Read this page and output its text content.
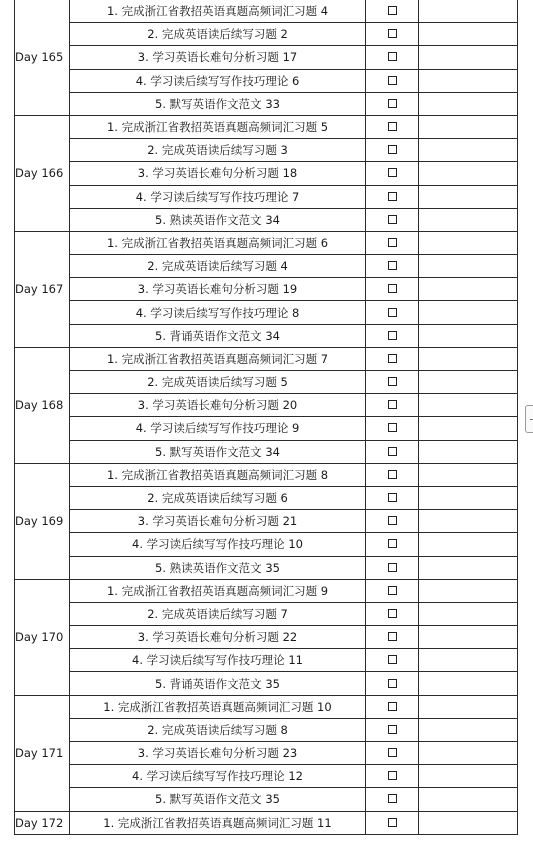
Day 165	1. 完成浙江省教招英语真题高频词汇习题 4		
	2. 完成英语读后续写习题 2		
	3. 学习英语长难句分析习题 17		
	4. 学习读后续写写作技巧理论 6		
	5. 默写英语作文范文 33		
Day 166	1. 完成浙江省教招英语真题高频词汇习题 5		
	2. 完成英语读后续写习题 3		
	3. 学习英语长难句分析习题 18		
	4. 学习读后续写写作技巧理论 7		
	5. 熟读英语作文范文 34		
Day 167	1. 完成浙江省教招英语真题高频词汇习题 6		
	2. 完成英语读后续写习题 4		
	3. 学习英语长难句分析习题 19		
	4. 学习读后续写写作技巧理论 8		
	5. 背诵英语作文范文 34		
Day 168	1. 完成浙江省教招英语真题高频词汇习题 7		
	2. 完成英语读后续写习题 5		
	3. 学习英语长难句分析习题 20		
	4. 学习读后续写写作技巧理论 9		
	5. 默写英语作文范文 34		
Day 169	1. 完成浙江省教招英语真题高频词汇习题 8		
	2. 完成英语读后续写习题 6		
	3. 学习英语长难句分析习题 21		
	4. 学习读后续写写作技巧理论 10		
	5. 熟读英语作文范文 35		
Day 170	1. 完成浙江省教招英语真题高频词汇习题 9		
	2. 完成英语读后续写习题 7		
	3. 学习英语长难句分析习题 22		
	4. 学习读后续写写作技巧理论 11		
	5. 背诵英语作文范文 35		
Day 171	1. 完成浙江省教招英语真题高频词汇习题 10		
	2. 完成英语读后续写习题 8		
	3. 学习英语长难句分析习题 23		
	4. 学习读后续写写作技巧理论 12		
	5. 默写英语作文范文 35		
Day 172	1. 完成浙江省教招英语真题高频词汇习题 11		
